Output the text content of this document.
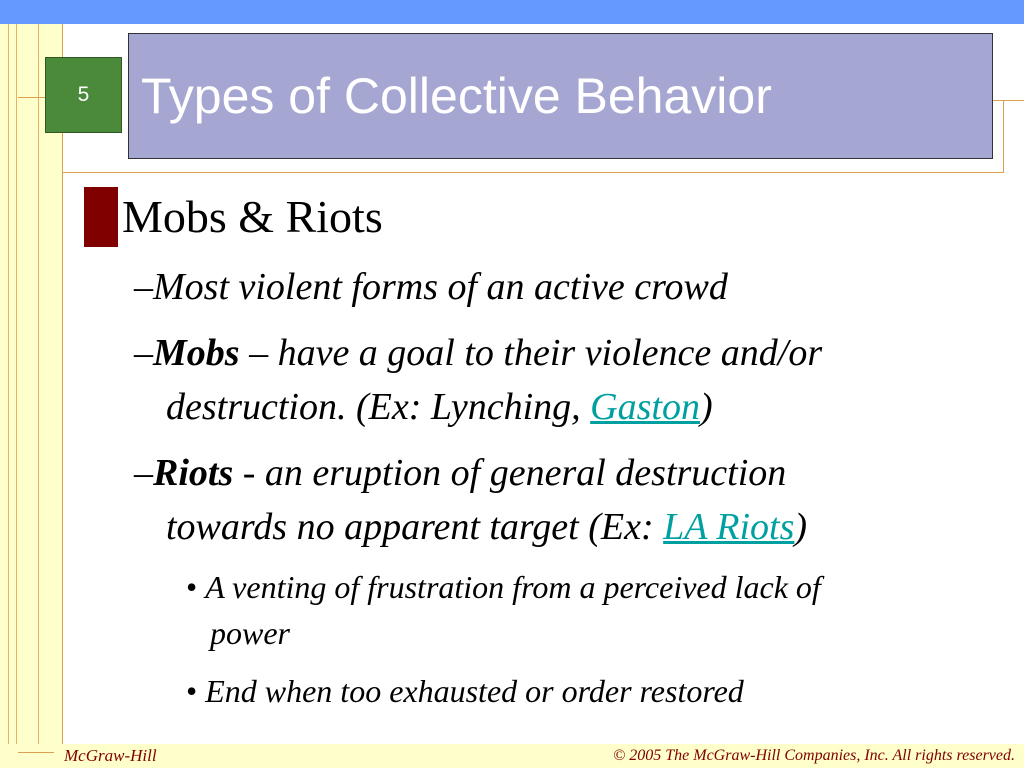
5	Types of Collective Behavior
Mobs & Riots
–Most violent forms of an active crowd
–Mobs – have a goal to their violence and/or
destruction. (Ex: Lynching, Gaston)
–Riots - an eruption of general destruction
towards no apparent target (Ex: LA Riots)
• A venting of frustration from a perceived lack of
power
• End when too exhausted or order restored
McGraw-Hill	© 2005 The McGraw-Hill Companies, Inc. All rights reserved.
